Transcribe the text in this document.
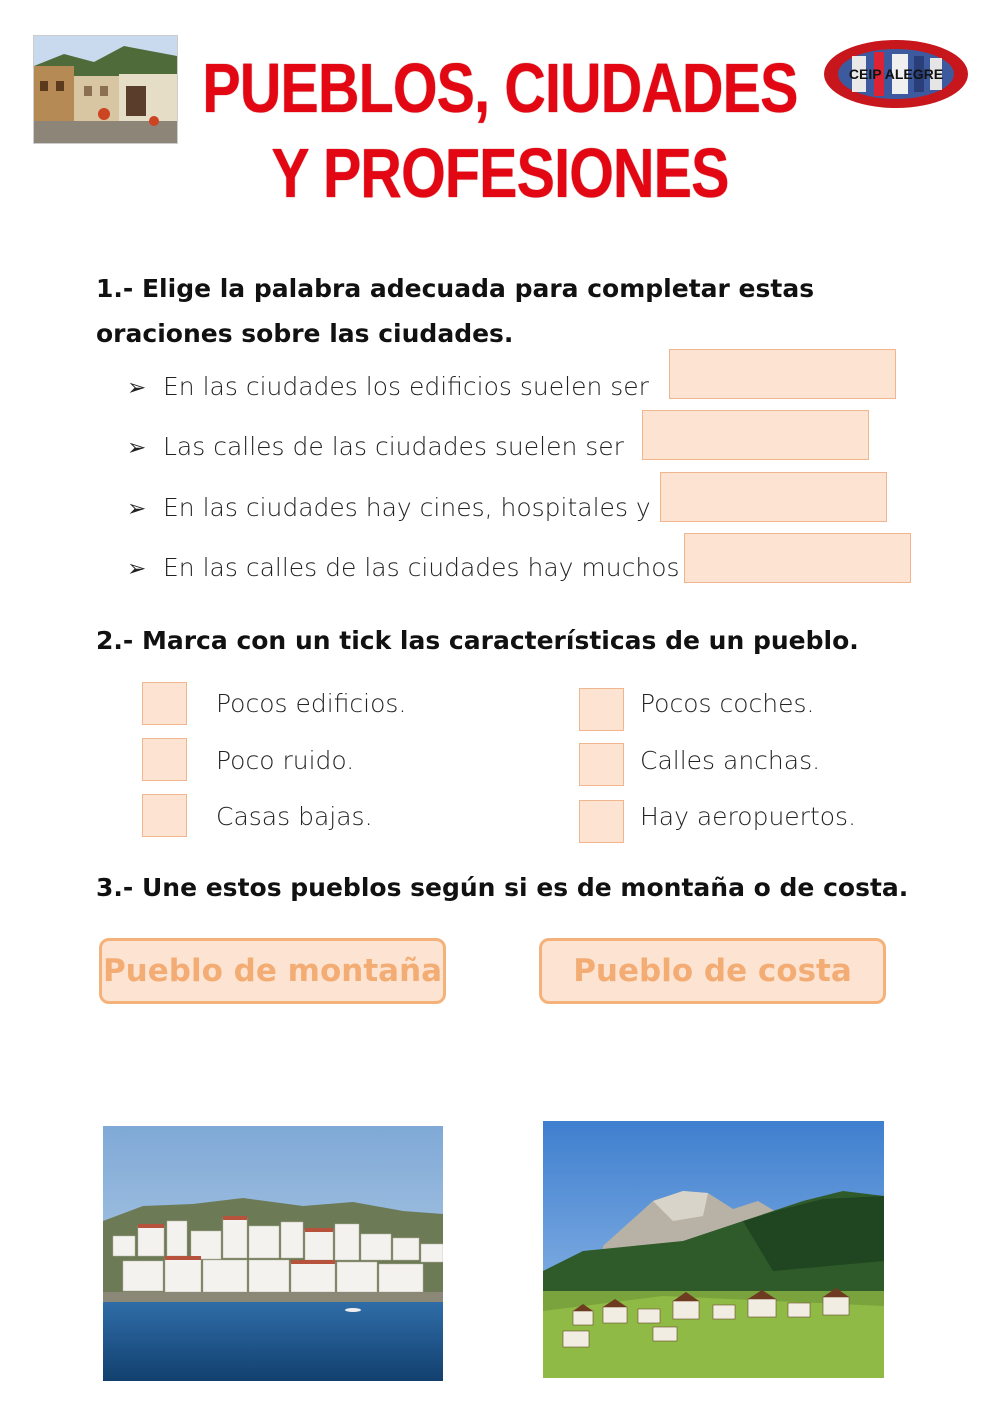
CEIP ALEGRE
PUEBLOS, CIUDADES
Y PROFESIONES
1.- Elige la palabra adecuada para completar estas oraciones sobre las ciudades.
➢ En las ciudades los edificios suelen ser
➢ Las calles de las ciudades suelen ser
➢ En las ciudades hay cines, hospitales y
➢ En las calles de las ciudades hay muchos
2.- Marca con un tick las características de un pueblo.
Pocos edificios.
Poco ruido.
Casas bajas.
Pocos coches.
Calles anchas.
Hay aeropuertos.
3.- Une estos pueblos según si es de montaña o de costa.
Pueblo de montaña	Pueblo de costa
